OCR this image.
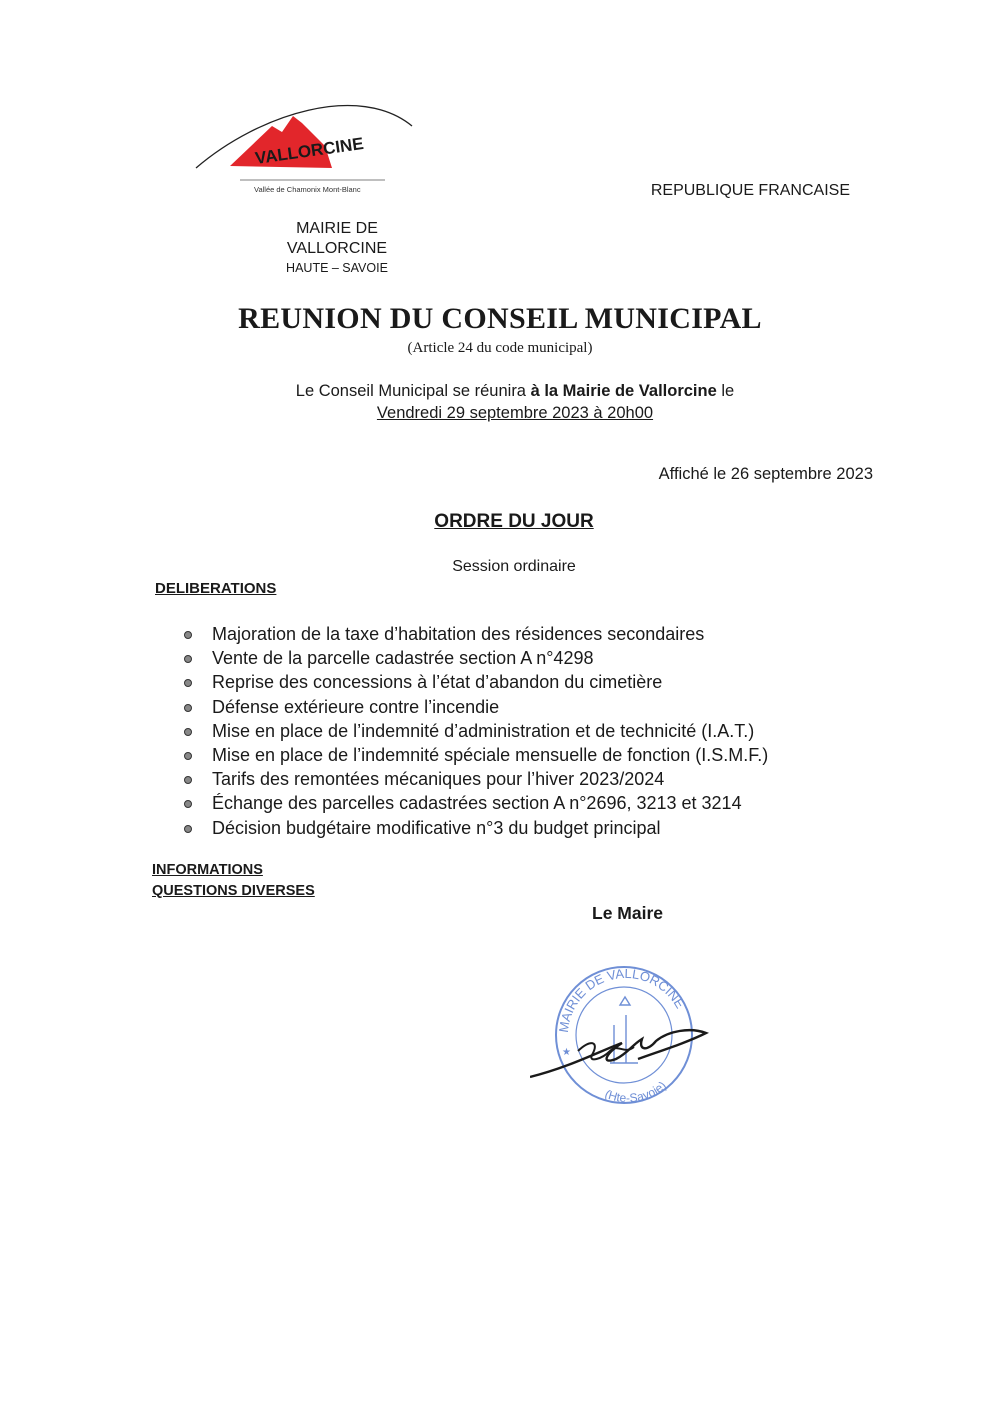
VALLORCINE
Vallée de Chamonix Mont-Blanc	REPUBLIQUE FRANCAISE
MAIRIE DE
VALLORCINE
HAUTE – SAVOIE
REUNION DU CONSEIL MUNICIPAL
(Article 24 du code municipal)
Le Conseil Municipal se réunira à la Mairie de Vallorcine le
Vendredi 29 septembre 2023 à 20h00
Affiché le 26 septembre 2023
ORDRE DU JOUR
Session ordinaire
DELIBERATIONS
Majoration de la taxe d’habitation des résidences secondaires
Vente de la parcelle cadastrée section A n°4298
Reprise des concessions à l’état d’abandon du cimetière
Défense extérieure contre l’incendie
Mise en place de l’indemnité d’administration et de technicité (I.A.T.)
Mise en place de l’indemnité spéciale mensuelle de fonction (I.S.M.F.)
Tarifs des remontées mécaniques pour l’hiver 2023/2024
Échange des parcelles cadastrées section A n°2696, 3213 et 3214
Décision budgétaire modificative n°3 du budget principal
INFORMATIONS
QUESTIONS DIVERSES
Le Maire
MAIRIE DE VALLORCINE
(Hte-Savoie)
★
